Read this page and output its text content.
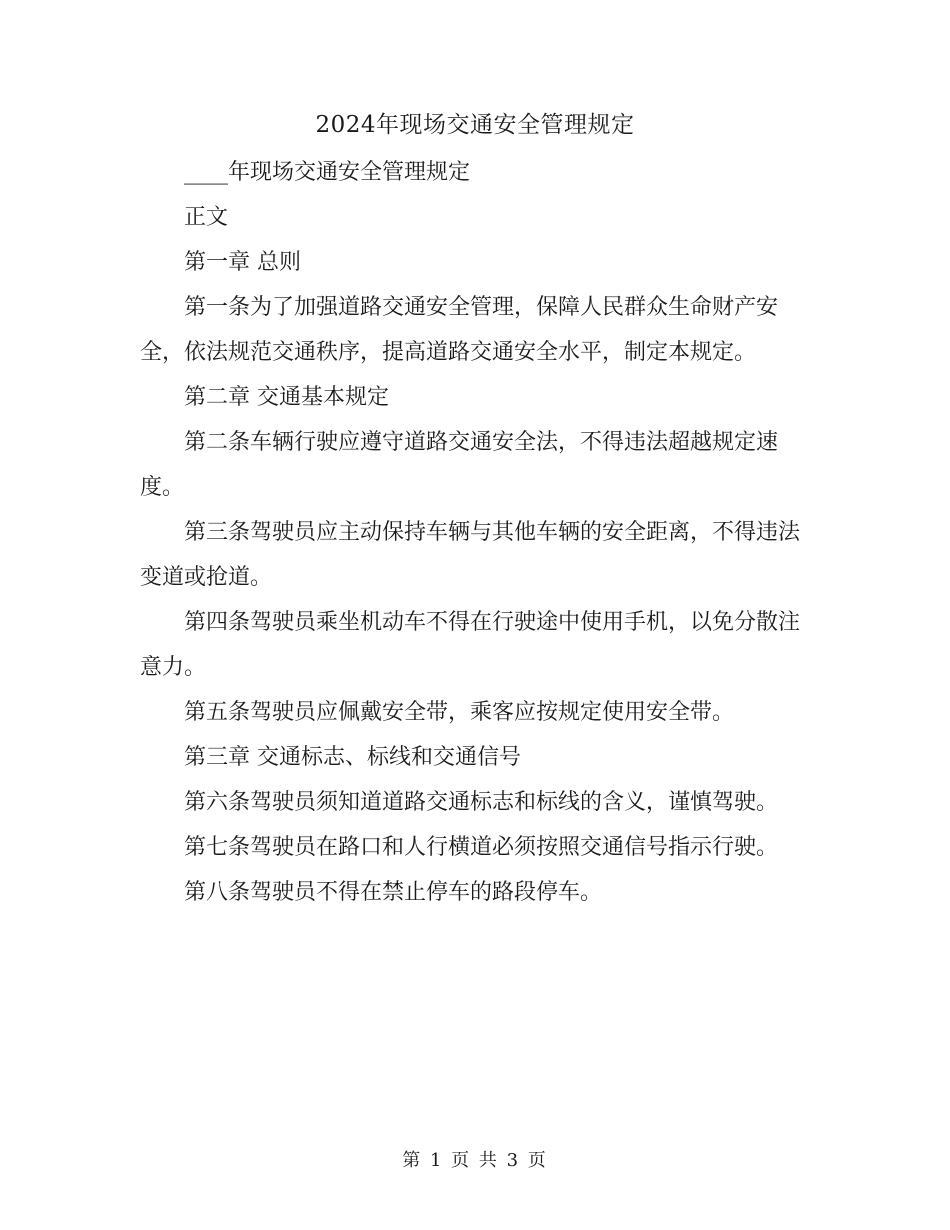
2024年现场交通安全管理规定

____年现场交通安全管理规定

正文

第一章 总则

第一条为了加强道路交通安全管理，保障人民群众生命财产安全，依法规范交通秩序，提高道路交通安全水平，制定本规定。

第二章 交通基本规定

第二条车辆行驶应遵守道路交通安全法，不得违法超越规定速度。

第三条驾驶员应主动保持车辆与其他车辆的安全距离，不得违法变道或抢道。

第四条驾驶员乘坐机动车不得在行驶途中使用手机，以免分散注意力。

第五条驾驶员应佩戴安全带，乘客应按规定使用安全带。

第三章 交通标志、标线和交通信号

第六条驾驶员须知道道路交通标志和标线的含义，谨慎驾驶。

第七条驾驶员在路口和人行横道必须按照交通信号指示行驶。

第八条驾驶员不得在禁止停车的路段停车。

第 1 页 共 3 页
